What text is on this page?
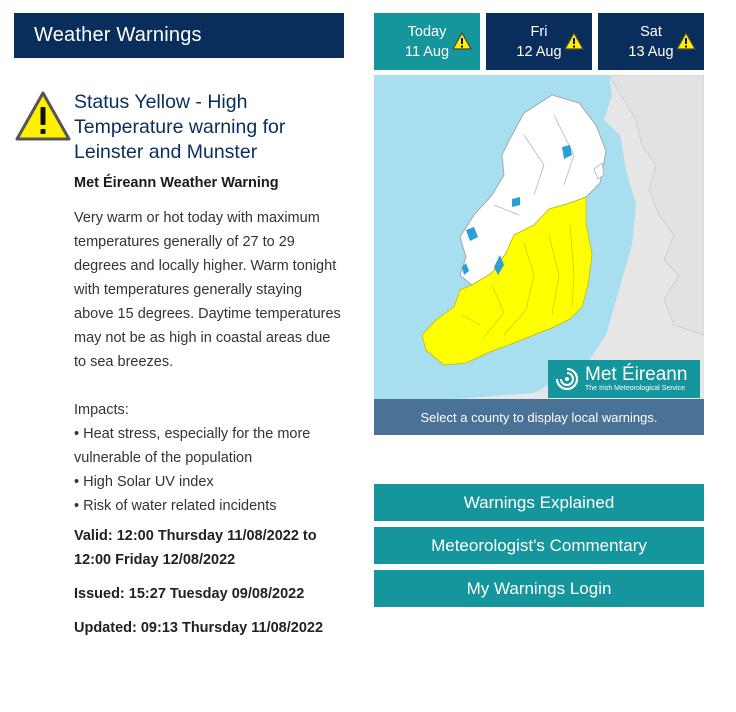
Weather Warnings
Status Yellow - High Temperature warning for Leinster and Munster
Met Éireann Weather Warning
Very warm or hot today with maximum temperatures generally of 27 to 29 degrees and locally higher. Warm tonight with temperatures generally staying above 15 degrees. Daytime temperatures may not be as high in coastal areas due to sea breezes.
Impacts:
• Heat stress, especially for the more vulnerable of the population
• High Solar UV index
• Risk of water related incidents
Valid: 12:00 Thursday 11/08/2022 to 12:00 Friday 12/08/2022
Issued: 15:27 Tuesday 09/08/2022
Updated: 09:13 Thursday 11/08/2022
Today
11 Aug
Fri
12 Aug
Sat
13 Aug
Met Éireann
The Irish Meteorological Service
Select a county to display local warnings.
Warnings Explained
Meteorologist's Commentary
My Warnings Login
